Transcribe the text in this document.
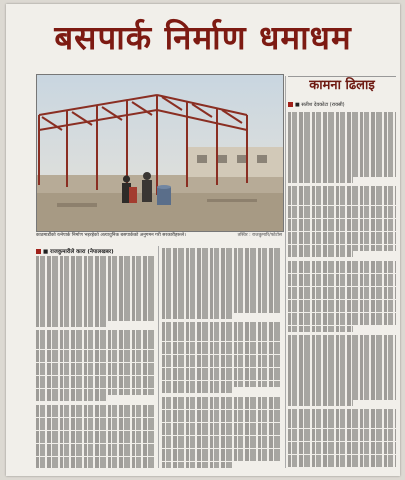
बसपार्क निर्माण धमाधम
तस्विर : राजकुमारि/फोटोस
काठमाडौंको रत्नेपार्क निर्माण भइरहेको अत्याधुनिक बसपार्कको अनुगमन गरी सरकारीहरूले।
कामना ढिलाइ
■ सतीश देवकोटा (रायसी)
■ राजकुमारीले कारा (नेपालखबर)
